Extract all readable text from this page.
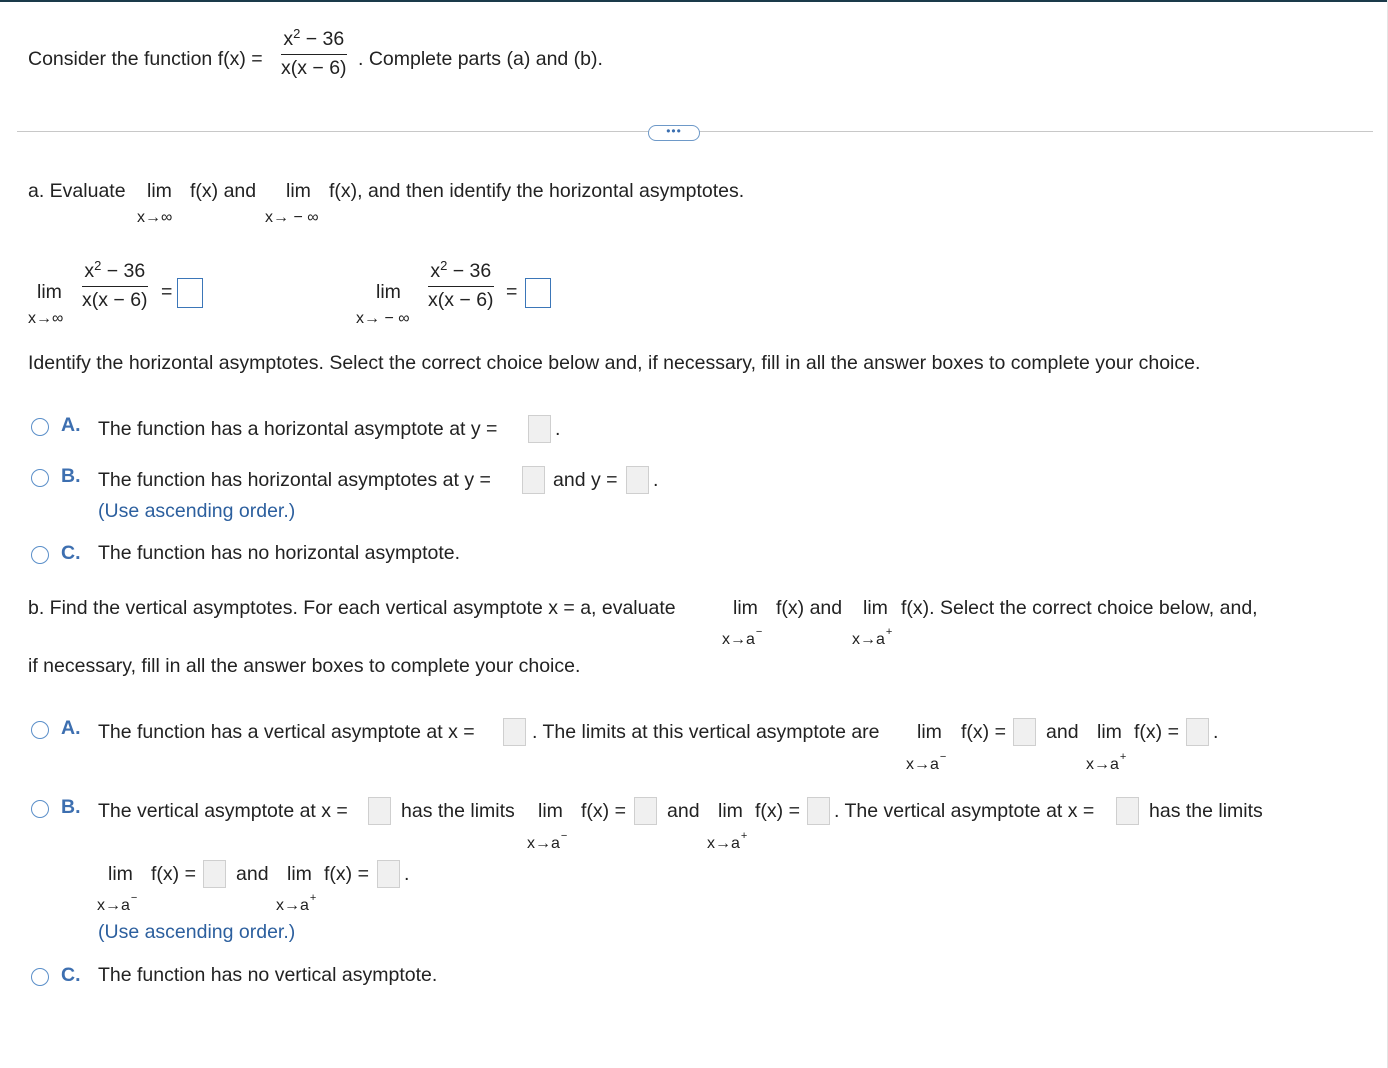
Consider the function $f(x) = \frac{x^2 - 36}{x(x - 6)}$ . Complete parts (a) and (b).
•••
a. Evaluate lim
x→∞
f(x) and lim
x→ − ∞
f(x), and then identify the horizontal asymptotes.
lim
x→∞
$\frac{x^2 - 36}{x(x - 6)}$ =	lim
x→ − ∞
$\frac{x^2 - 36}{x(x - 6)}$ =
Identify the horizontal asymptotes. Select the correct choice below and, if necessary, fill in all the answer boxes to complete your choice.
A. The function has a horizontal asymptote at y =	.
B. The function has horizontal asymptotes at y =	and y = .
(Use ascending order.)
C. The function has no horizontal asymptote.
b. Find the vertical asymptotes. For each vertical asymptote x = a, evaluate	lim
x→a−
f(x) and lim
x→a+
f(x). Select the correct choice below, and,
if necessary, fill in all the answer boxes to complete your choice.
A. The function has a vertical asymptote at x =	. The limits at this vertical asymptote are lim
x→a−
f(x) = and lim
x→a+
f(x) = .
B. The vertical asymptote at x =	has the limits lim
x→a−
f(x) = and lim
x→a+
f(x) = . The vertical asymptote at x =	has the limits
lim
x→a−
f(x) = and lim
x→a+
f(x) = .
(Use ascending order.)
C. The function has no vertical asymptote.
